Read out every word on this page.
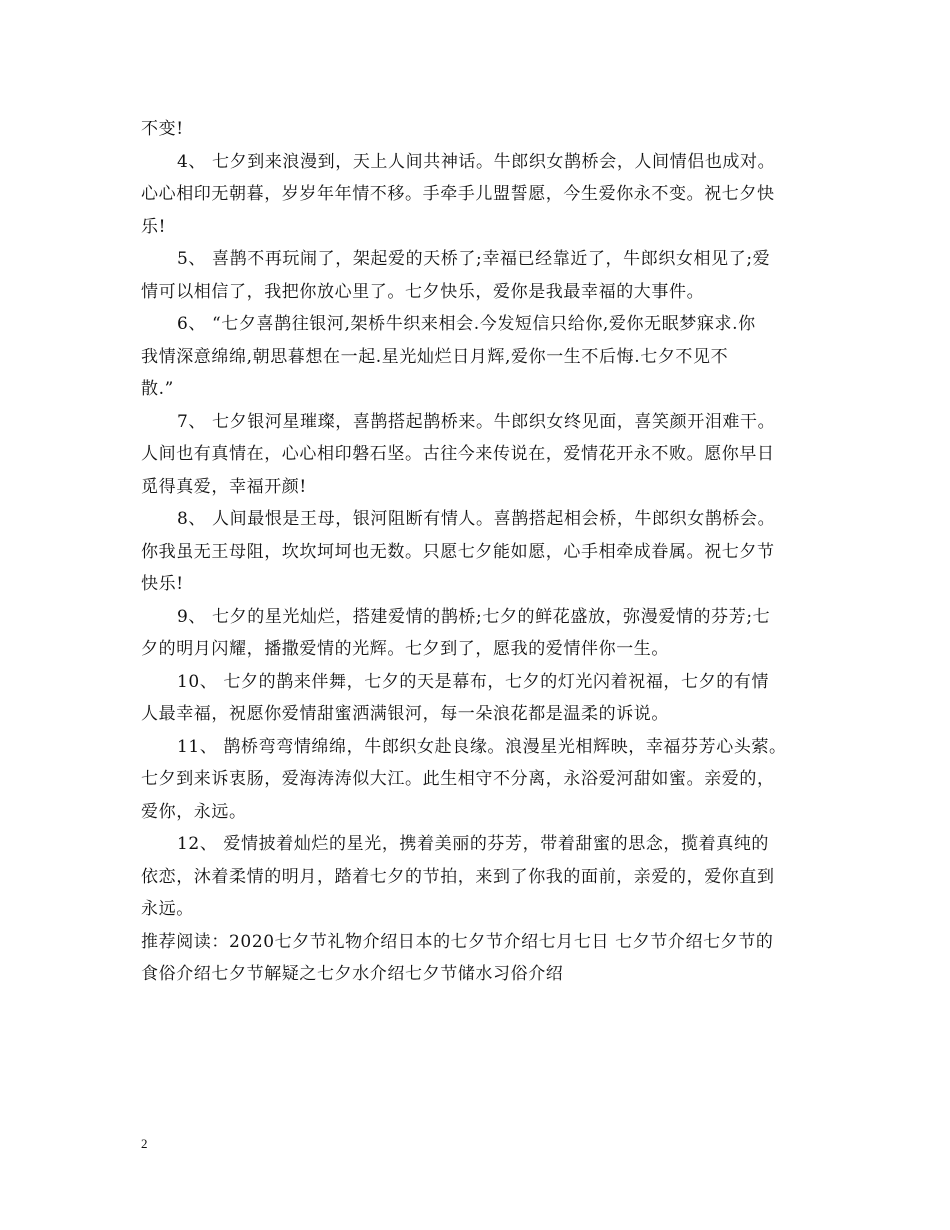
不变!
4、 七夕到来浪漫到，天上人间共神话。牛郎织女鹊桥会，人间情侣也成对。
心心相印无朝暮，岁岁年年情不移。手牵手儿盟誓愿，今生爱你永不变。祝七夕快
乐!
5、 喜鹊不再玩闹了，架起爱的天桥了;幸福已经靠近了，牛郎织女相见了;爱
情可以相信了，我把你放心里了。七夕快乐，爱你是我最幸福的大事件。
6、 “七夕喜鹊往银河,架桥牛织来相会.今发短信只给你,爱你无眠梦寐求.你
我情深意绵绵,朝思暮想在一起.星光灿烂日月辉,爱你一生不后悔.七夕不见不
散.”
7、 七夕银河星璀璨，喜鹊搭起鹊桥来。牛郎织女终见面，喜笑颜开泪难干。
人间也有真情在，心心相印磐石坚。古往今来传说在，爱情花开永不败。愿你早日
觅得真爱，幸福开颜!
8、 人间最恨是王母，银河阻断有情人。喜鹊搭起相会桥，牛郎织女鹊桥会。
你我虽无王母阻，坎坎坷坷也无数。只愿七夕能如愿，心手相牵成眷属。祝七夕节
快乐!
9、 七夕的星光灿烂，搭建爱情的鹊桥;七夕的鲜花盛放，弥漫爱情的芬芳;七
夕的明月闪耀，播撒爱情的光辉。七夕到了，愿我的爱情伴你一生。
10、 七夕的鹊来伴舞，七夕的天是幕布，七夕的灯光闪着祝福，七夕的有情
人最幸福，祝愿你爱情甜蜜洒满银河，每一朵浪花都是温柔的诉说。
11、 鹊桥弯弯情绵绵，牛郎织女赴良缘。浪漫星光相辉映，幸福芬芳心头萦。
七夕到来诉衷肠，爱海涛涛似大江。此生相守不分离，永浴爱河甜如蜜。亲爱的，
爱你，永远。
12、 爱情披着灿烂的星光，携着美丽的芬芳，带着甜蜜的思念，揽着真纯的
依恋，沐着柔情的明月，踏着七夕的节拍，来到了你我的面前，亲爱的，爱你直到
永远。
推荐阅读：2020七夕节礼物介绍日本的七夕节介绍七月七日 七夕节介绍七夕节的
食俗介绍七夕节解疑之七夕水介绍七夕节储水习俗介绍
2
